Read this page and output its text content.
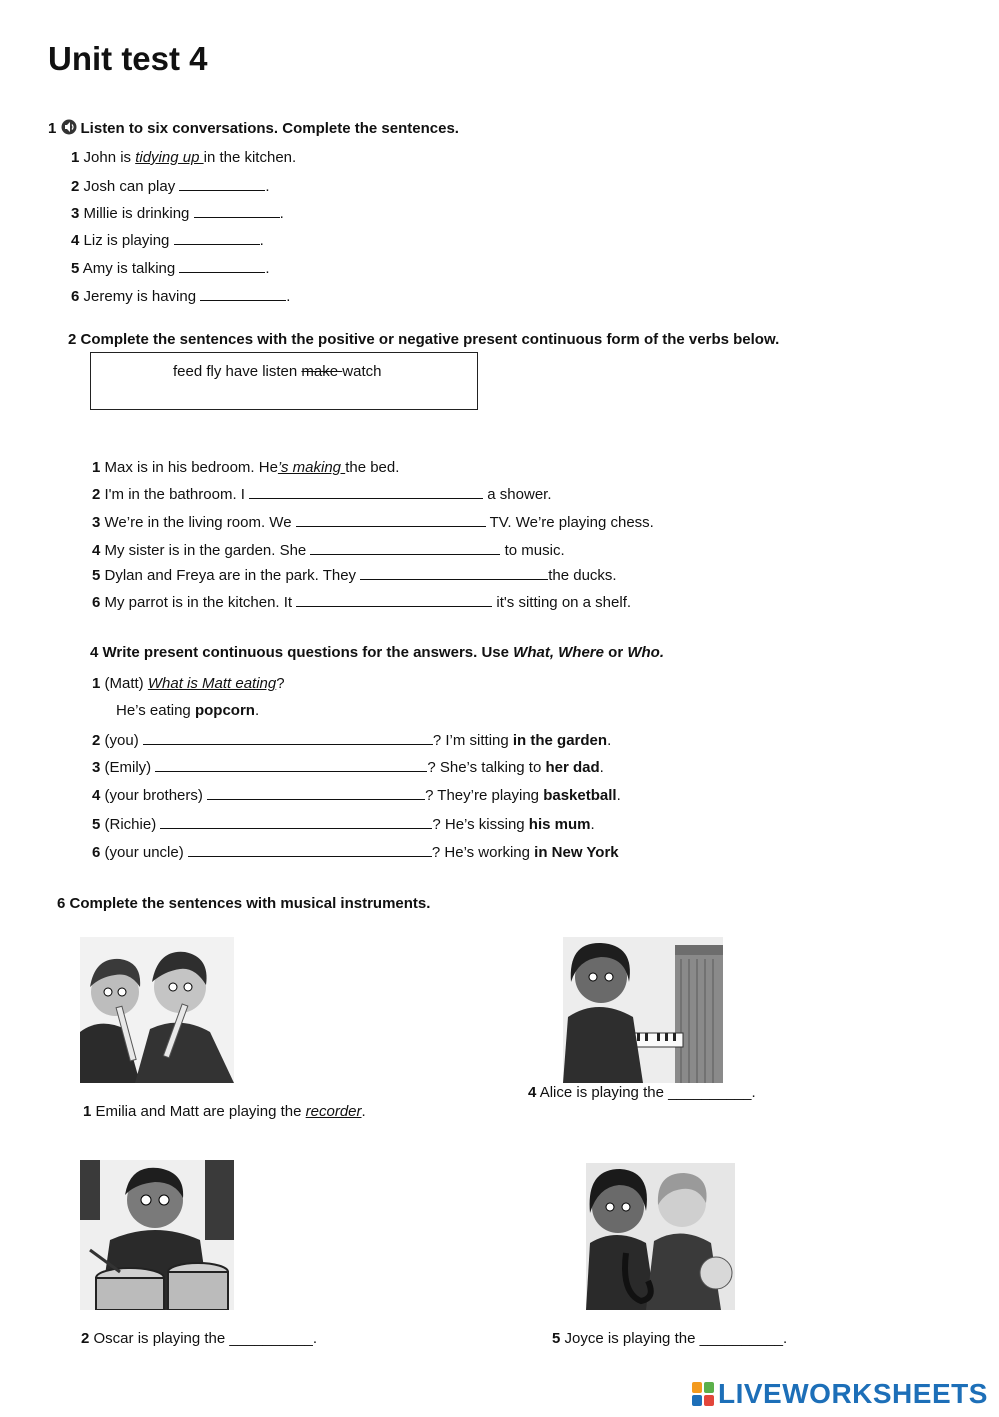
Unit test 4
1 Listen to six conversations. Complete the sentences.
1 John is tidying up in the kitchen.
2 Josh can play	.
3 Millie is drinking	.
4 Liz is playing	.
5 Amy is talking	.
6 Jeremy is having	.
2 Complete the sentences with the positive or negative present continuous form of the verbs below.
feed fly have listen make watch
1 Max is in his bedroom. He’s making the bed.
2 I'm in the bathroom. I	a shower.
3 We’re in the living room. We	TV. We’re playing chess.
4 My sister is in the garden. She	to music.
5 Dylan and Freya are in the park. They	the ducks.
6 My parrot is in the kitchen. It	it's sitting on a shelf.
4 Write present continuous questions for the answers. Use What, Where or Who.
1 (Matt) What is Matt eating?
He’s eating popcorn.
2 (you)	? I’m sitting in the garden.
3 (Emily)	? She’s talking to her dad.
4 (your brothers)	? They’re playing basketball.
5 (Richie)	? He’s kissing his mum.
6 (your uncle)	? He’s working in New York
6 Complete the sentences with musical instruments.
1 Emilia and Matt are playing the recorder.
4 Alice is playing the __________.
2 Oscar is playing the __________.	5 Joyce is playing the __________.
LIVEWORKSHEETS
